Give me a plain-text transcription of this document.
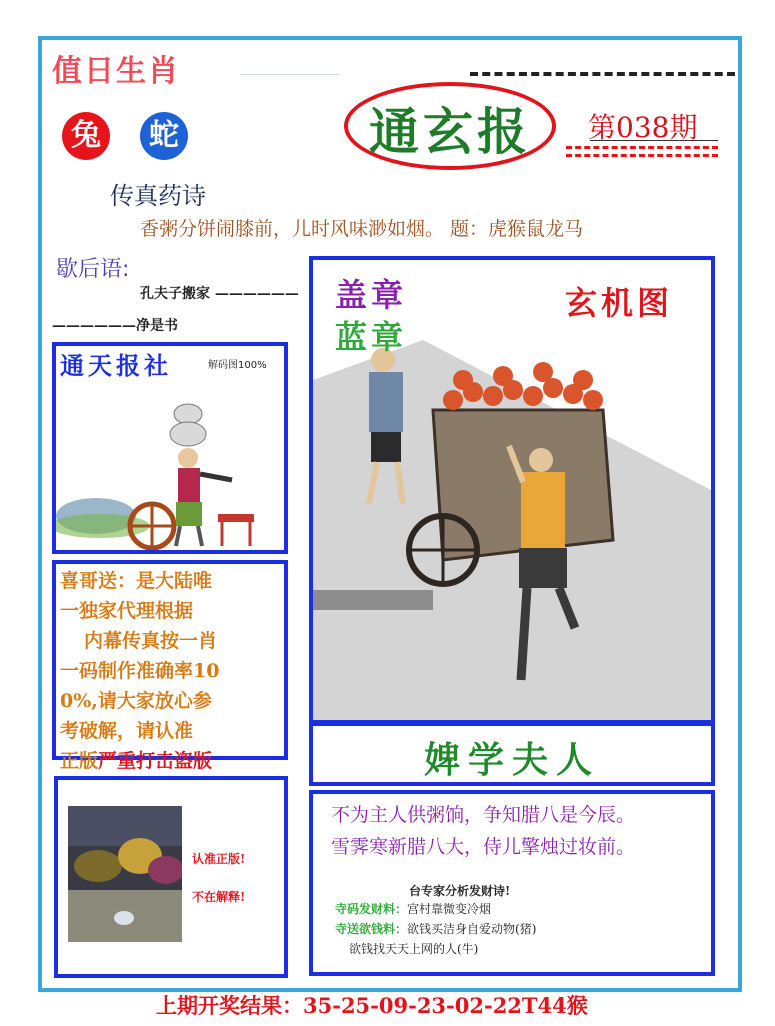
值日生肖
兔	蛇
传真药诗
通玄报	第038期
香粥分饼闹膝前，儿时风味渺如烟。 题：虎猴鼠龙马
歇后语:
孔夫子搬家 ——————
——————净是书
通天报社	解码图100%
喜哥送：是大陆唯
一独家代理根据
内幕传真按一肖
一码制作准确率10
0%,请大家放心参
考破解，请认准
正版严重打击盗版
认准正版!
不在解释!
盖章
蓝章
玄机图
婢学夫人
不为主人供粥饷，争知腊八是今辰。
雪霁寒新腊八大，侍儿擎烛过妆前。
台专家分析发财诗!
寺码发财料：宫村靠微变冷烟
寺送欲钱料：欲钱买洁身自爱动物(猪)
欲钱找天天上网的人(牛)
上期开奖结果：35-25-09-23-02-22T44猴
